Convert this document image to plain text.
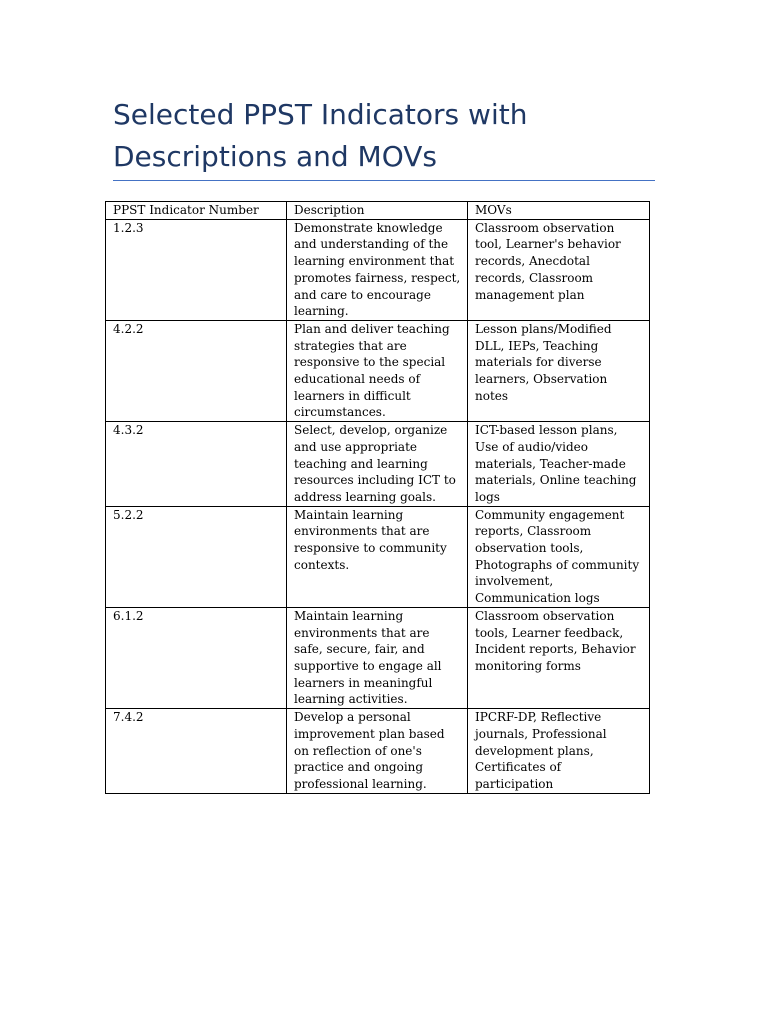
Selected PPST Indicators with Descriptions and MOVs
PPST Indicator Number	Description	MOVs
1.2.3	Demonstrate knowledge and understanding of the learning environment that promotes fairness, respect, and care to encourage learning.	Classroom observation tool, Learner's behavior records, Anecdotal records, Classroom management plan
4.2.2	Plan and deliver teaching strategies that are responsive to the special educational needs of learners in difficult circumstances.	Lesson plans/Modified DLL, IEPs, Teaching materials for diverse learners, Observation notes
4.3.2	Select, develop, organize and use appropriate teaching and learning resources including ICT to address learning goals.	ICT-based lesson plans, Use of audio/video materials, Teacher-made materials, Online teaching logs
5.2.2	Maintain learning environments that are responsive to community contexts.	Community engagement reports, Classroom observation tools, Photographs of community involvement, Communication logs
6.1.2	Maintain learning environments that are safe, secure, fair, and supportive to engage all learners in meaningful learning activities.	Classroom observation tools, Learner feedback, Incident reports, Behavior monitoring forms
7.4.2	Develop a personal improvement plan based on reflection of one's practice and ongoing professional learning.	IPCRF-DP, Reflective journals, Professional development plans, Certificates of participation
